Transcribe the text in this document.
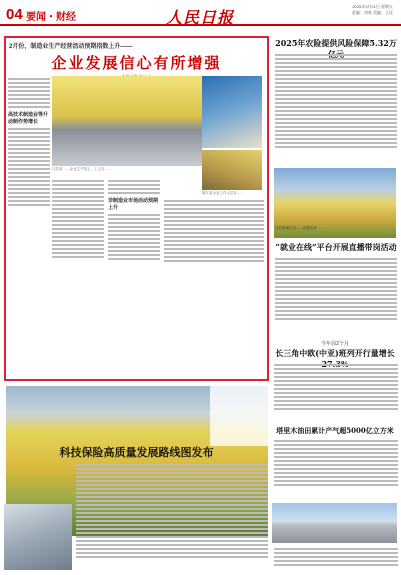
04 要闻・财经	人民日报
2025年3月21日 星期五
责编：刘爽 美编：王佳
2月份，制造业生产经营活动预期指数上升——
企业发展信心有所增强
江苏省……企业生产线上，工人在……
浙江某企业工作人员在……
高技术制造业等升动制作势增长
非制造业市场活动预期上升
2025年农险提供风险保障5.32万
江苏省宿迁市……油菜花开……
“就业在线”平台开展直播带岗活动
今年前2个月
长三角中欧(中亚)班列开行量增长
塔里木油田累计产气超5000亿立方米
科技保险高质量发展路线图发布
